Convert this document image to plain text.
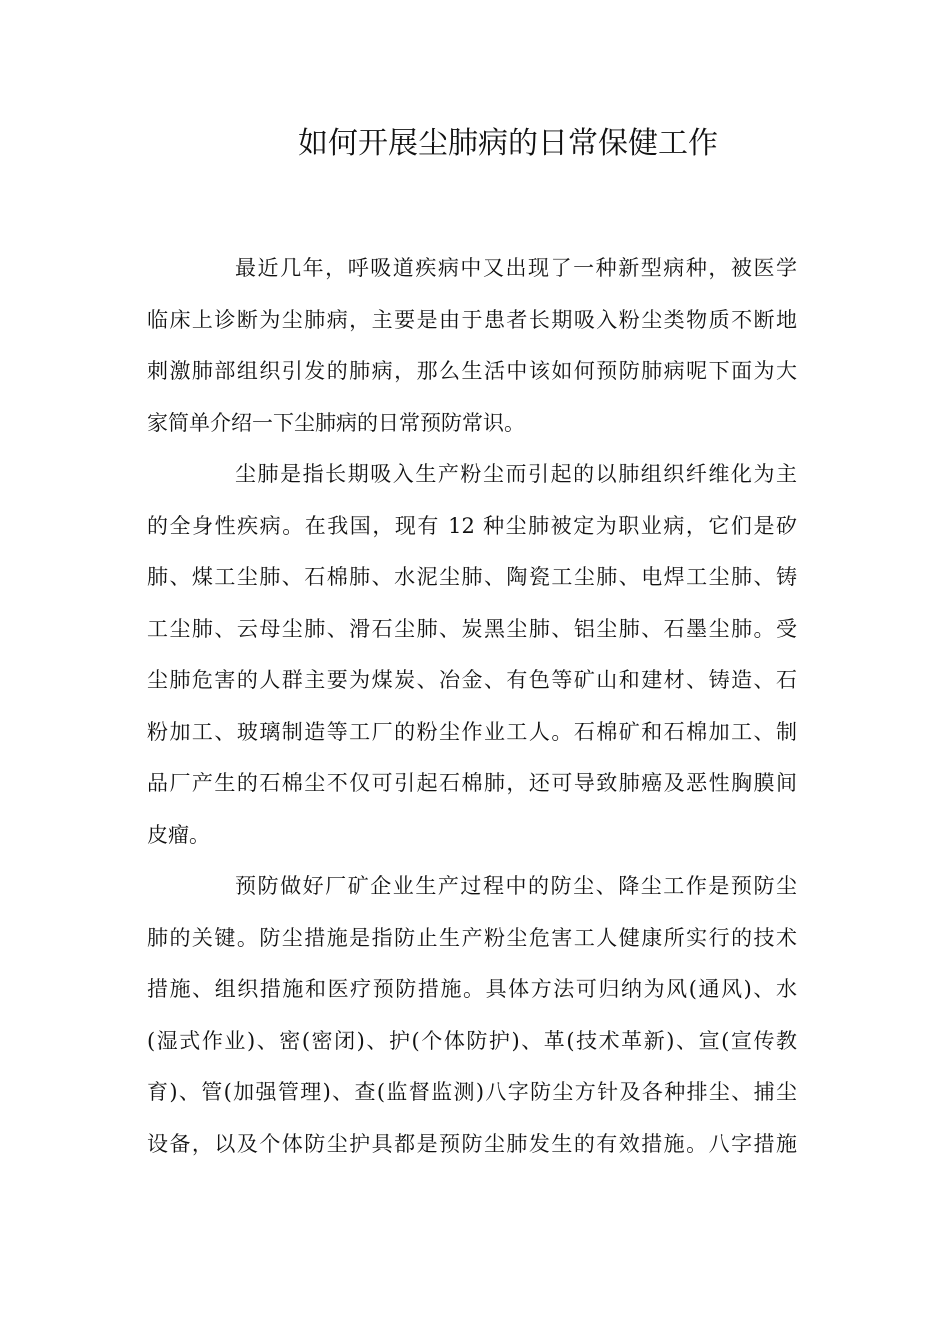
如何开展尘肺病的日常保健工作

最近几年，呼吸道疾病中又出现了一种新型病种，被医学
临床上诊断为尘肺病，主要是由于患者长期吸入粉尘类物质不断地
刺激肺部组织引发的肺病，那么生活中该如何预防肺病呢下面为大
家简单介绍一下尘肺病的日常预防常识。

尘肺是指长期吸入生产粉尘而引起的以肺组织纤维化为主
的全身性疾病。在我国，现有 12 种尘肺被定为职业病，它们是矽
肺、煤工尘肺、石棉肺、水泥尘肺、陶瓷工尘肺、电焊工尘肺、铸
工尘肺、云母尘肺、滑石尘肺、炭黑尘肺、铝尘肺、石墨尘肺。受
尘肺危害的人群主要为煤炭、冶金、有色等矿山和建材、铸造、石
粉加工、玻璃制造等工厂的粉尘作业工人。石棉矿和石棉加工、制
品厂产生的石棉尘不仅可引起石棉肺，还可导致肺癌及恶性胸膜间
皮瘤。

预防做好厂矿企业生产过程中的防尘、降尘工作是预防尘
肺的关键。防尘措施是指防止生产粉尘危害工人健康所实行的技术
措施、组织措施和医疗预防措施。具体方法可归纳为风(通风)、水
(湿式作业)、密(密闭)、护(个体防护)、革(技术革新)、宣(宣传教
育)、管(加强管理)、查(监督监测)八字防尘方针及各种排尘、捕尘
设备，以及个体防尘护具都是预防尘肺发生的有效措施。八字措施
